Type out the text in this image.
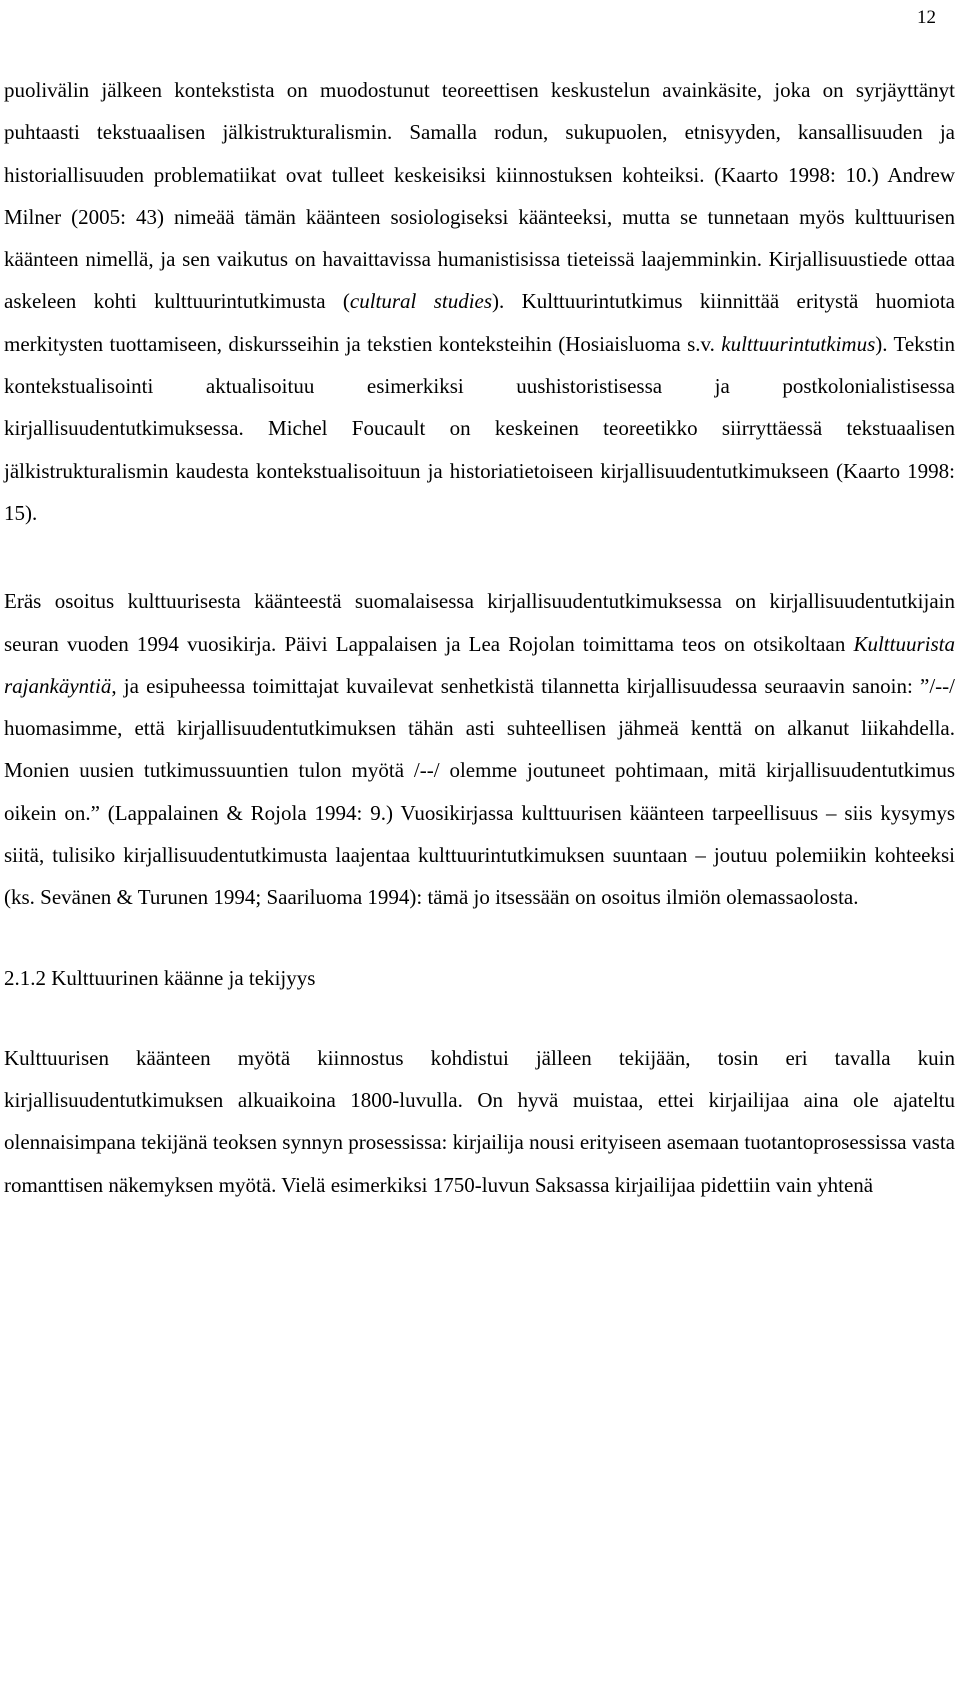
12

puolivälin jälkeen kontekstista on muodostunut teoreettisen keskustelun avainkäsite, joka on syrjäyttänyt puhtaasti tekstuaalisen jälkistrukturalismin. Samalla rodun, sukupuolen, etnisyyden, kansallisuuden ja historiallisuuden problematiikat ovat tulleet keskeisiksi kiinnostuksen kohteiksi. (Kaarto 1998: 10.) Andrew Milner (2005: 43) nimeää tämän käänteen sosiologiseksi käänteeksi, mutta se tunnetaan myös kulttuurisen käänteen nimellä, ja sen vaikutus on havaittavissa humanistisissa tieteissä laajemminkin. Kirjallisuustiede ottaa askeleen kohti kulttuurintutkimusta (cultural studies). Kulttuurintutkimus kiinnittää eritystä huomiota merkitysten tuottamiseen, diskursseihin ja tekstien konteksteihin (Hosiaisluoma s.v. kulttuurintutkimus). Tekstin kontekstualisointi aktualisoituu esimerkiksi uushistoristisessa ja postkolonialistisessa kirjallisuudentutkimuksessa. Michel Foucault on keskeinen teoreetikko siirryttäessä tekstuaalisen jälkistrukturalismin kaudesta kontekstualisoituun ja historiatietoiseen kirjallisuudentutkimukseen (Kaarto 1998: 15).

Eräs osoitus kulttuurisesta käänteestä suomalaisessa kirjallisuudentutkimuksessa on kirjallisuudentutkijain seuran vuoden 1994 vuosikirja. Päivi Lappalaisen ja Lea Rojolan toimittama teos on otsikoltaan Kulttuurista rajankäyntiä, ja esipuheessa toimittajat kuvailevat senhetkistä tilannetta kirjallisuudessa seuraavin sanoin: ”/--/ huomasimme, että kirjallisuudentutkimuksen tähän asti suhteellisen jähmeä kenttä on alkanut liikahdella. Monien uusien tutkimussuuntien tulon myötä /--/ olemme joutuneet pohtimaan, mitä kirjallisuudentutkimus oikein on.” (Lappalainen & Rojola 1994: 9.) Vuosikirjassa kulttuurisen käänteen tarpeellisuus – siis kysymys siitä, tulisiko kirjallisuudentutkimusta laajentaa kulttuurintutkimuksen suuntaan – joutuu polemiikin kohteeksi (ks. Sevänen & Turunen 1994; Saariluoma 1994): tämä jo itsessään on osoitus ilmiön olemassaolosta.

2.1.2 Kulttuurinen käänne ja tekijyys

Kulttuurisen käänteen myötä kiinnostus kohdistui jälleen tekijään, tosin eri tavalla kuin kirjallisuudentutkimuksen alkuaikoina 1800-luvulla. On hyvä muistaa, ettei kirjailijaa aina ole ajateltu olennaisimpana tekijänä teoksen synnyn prosessissa: kirjailija nousi erityiseen asemaan tuotantoprosessissa vasta romanttisen näkemyksen myötä. Vielä esimerkiksi 1750-luvun Saksassa kirjailijaa pidettiin vain yhtenä
